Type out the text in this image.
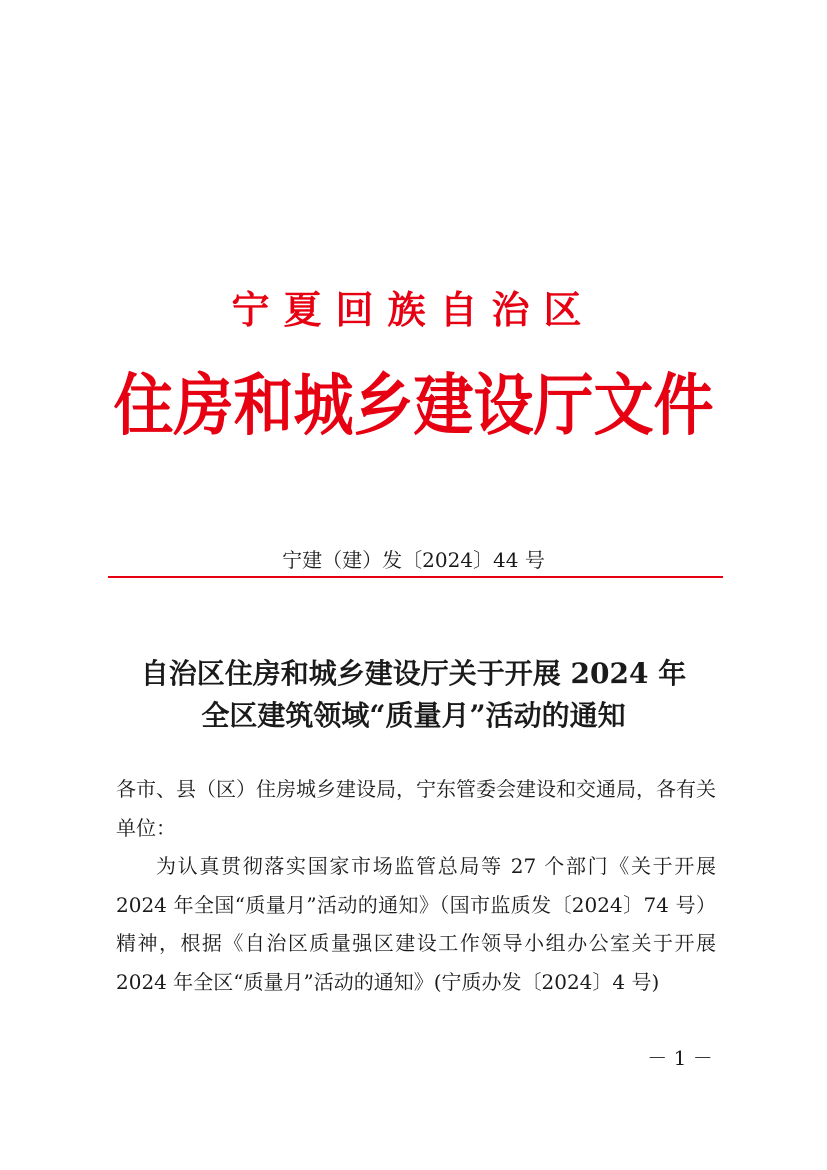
宁夏回族自治区
住房和城乡建设厅文件
宁建（建）发〔2024〕44 号
自治区住房和城乡建设厅关于开展 2024 年
全区建筑领域“质量月”活动的通知

各市、县（区）住房城乡建设局，宁东管委会建设和交通局，各有关单位：

为认真贯彻落实国家市场监管总局等 27 个部门《关于开展2024 年全国“质量月”活动的通知》（国市监质发〔2024〕74 号）精神，根据《自治区质量强区建设工作领导小组办公室关于开展 2024 年全区“质量月”活动的通知》(宁质办发〔2024〕4 号)

－ 1 －
